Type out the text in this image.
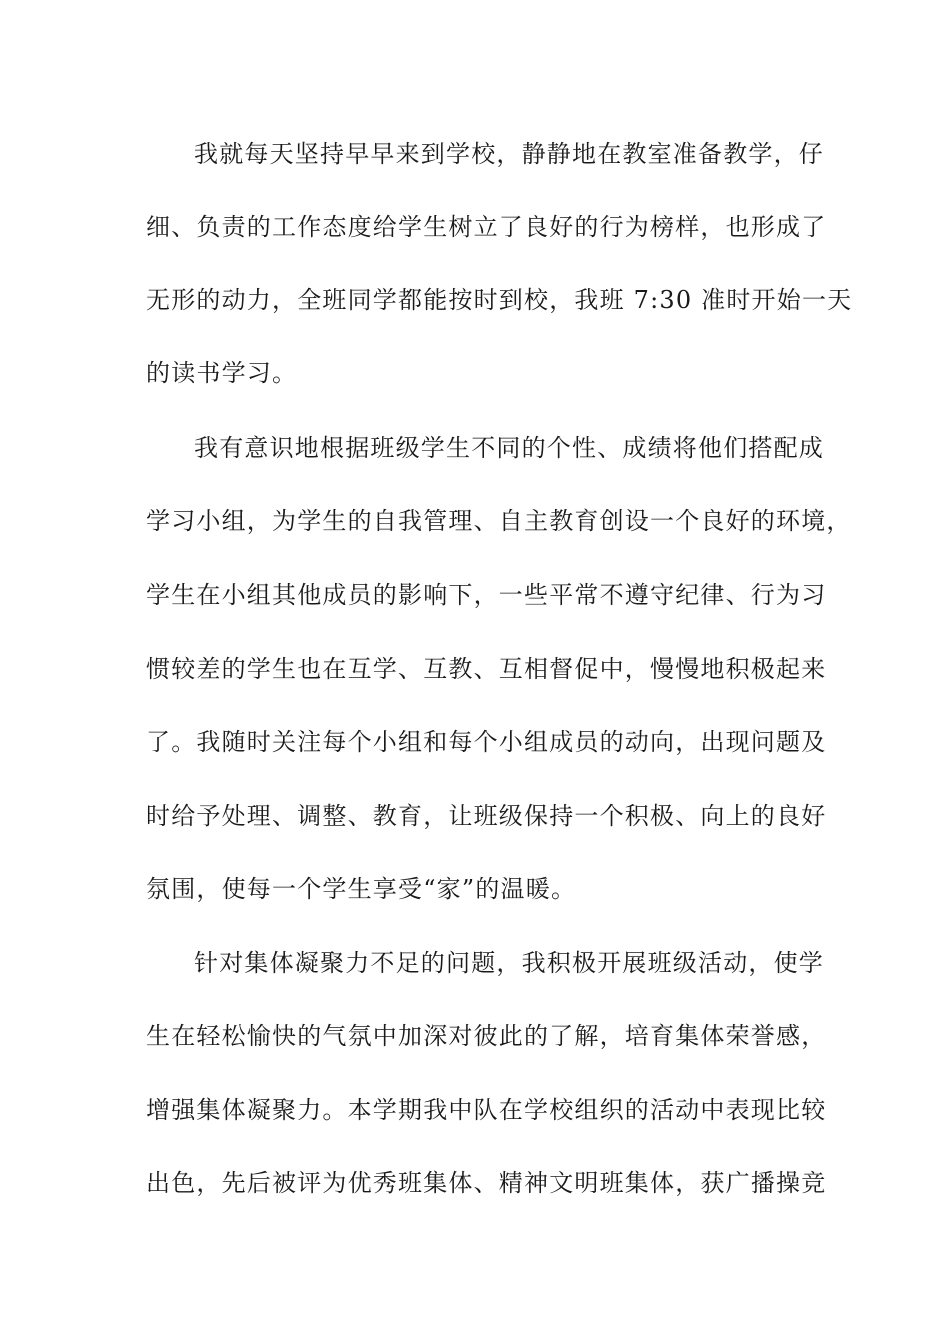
我就每天坚持早早来到学校，静静地在教室准备教学，仔
细、负责的工作态度给学生树立了良好的行为榜样，也形成了
无形的动力，全班同学都能按时到校，我班 7:30 准时开始一天
的读书学习。
我有意识地根据班级学生不同的个性、成绩将他们搭配成
学习小组，为学生的自我管理、自主教育创设一个良好的环境，
学生在小组其他成员的影响下，一些平常不遵守纪律、行为习
惯较差的学生也在互学、互教、互相督促中，慢慢地积极起来
了。我随时关注每个小组和每个小组成员的动向，出现问题及
时给予处理、调整、教育，让班级保持一个积极、向上的良好
氛围，使每一个学生享受“家”的温暖。
针对集体凝聚力不足的问题，我积极开展班级活动，使学
生在轻松愉快的气氛中加深对彼此的了解，培育集体荣誉感，
增强集体凝聚力。本学期我中队在学校组织的活动中表现比较
出色，先后被评为优秀班集体、精神文明班集体，获广播操竞
